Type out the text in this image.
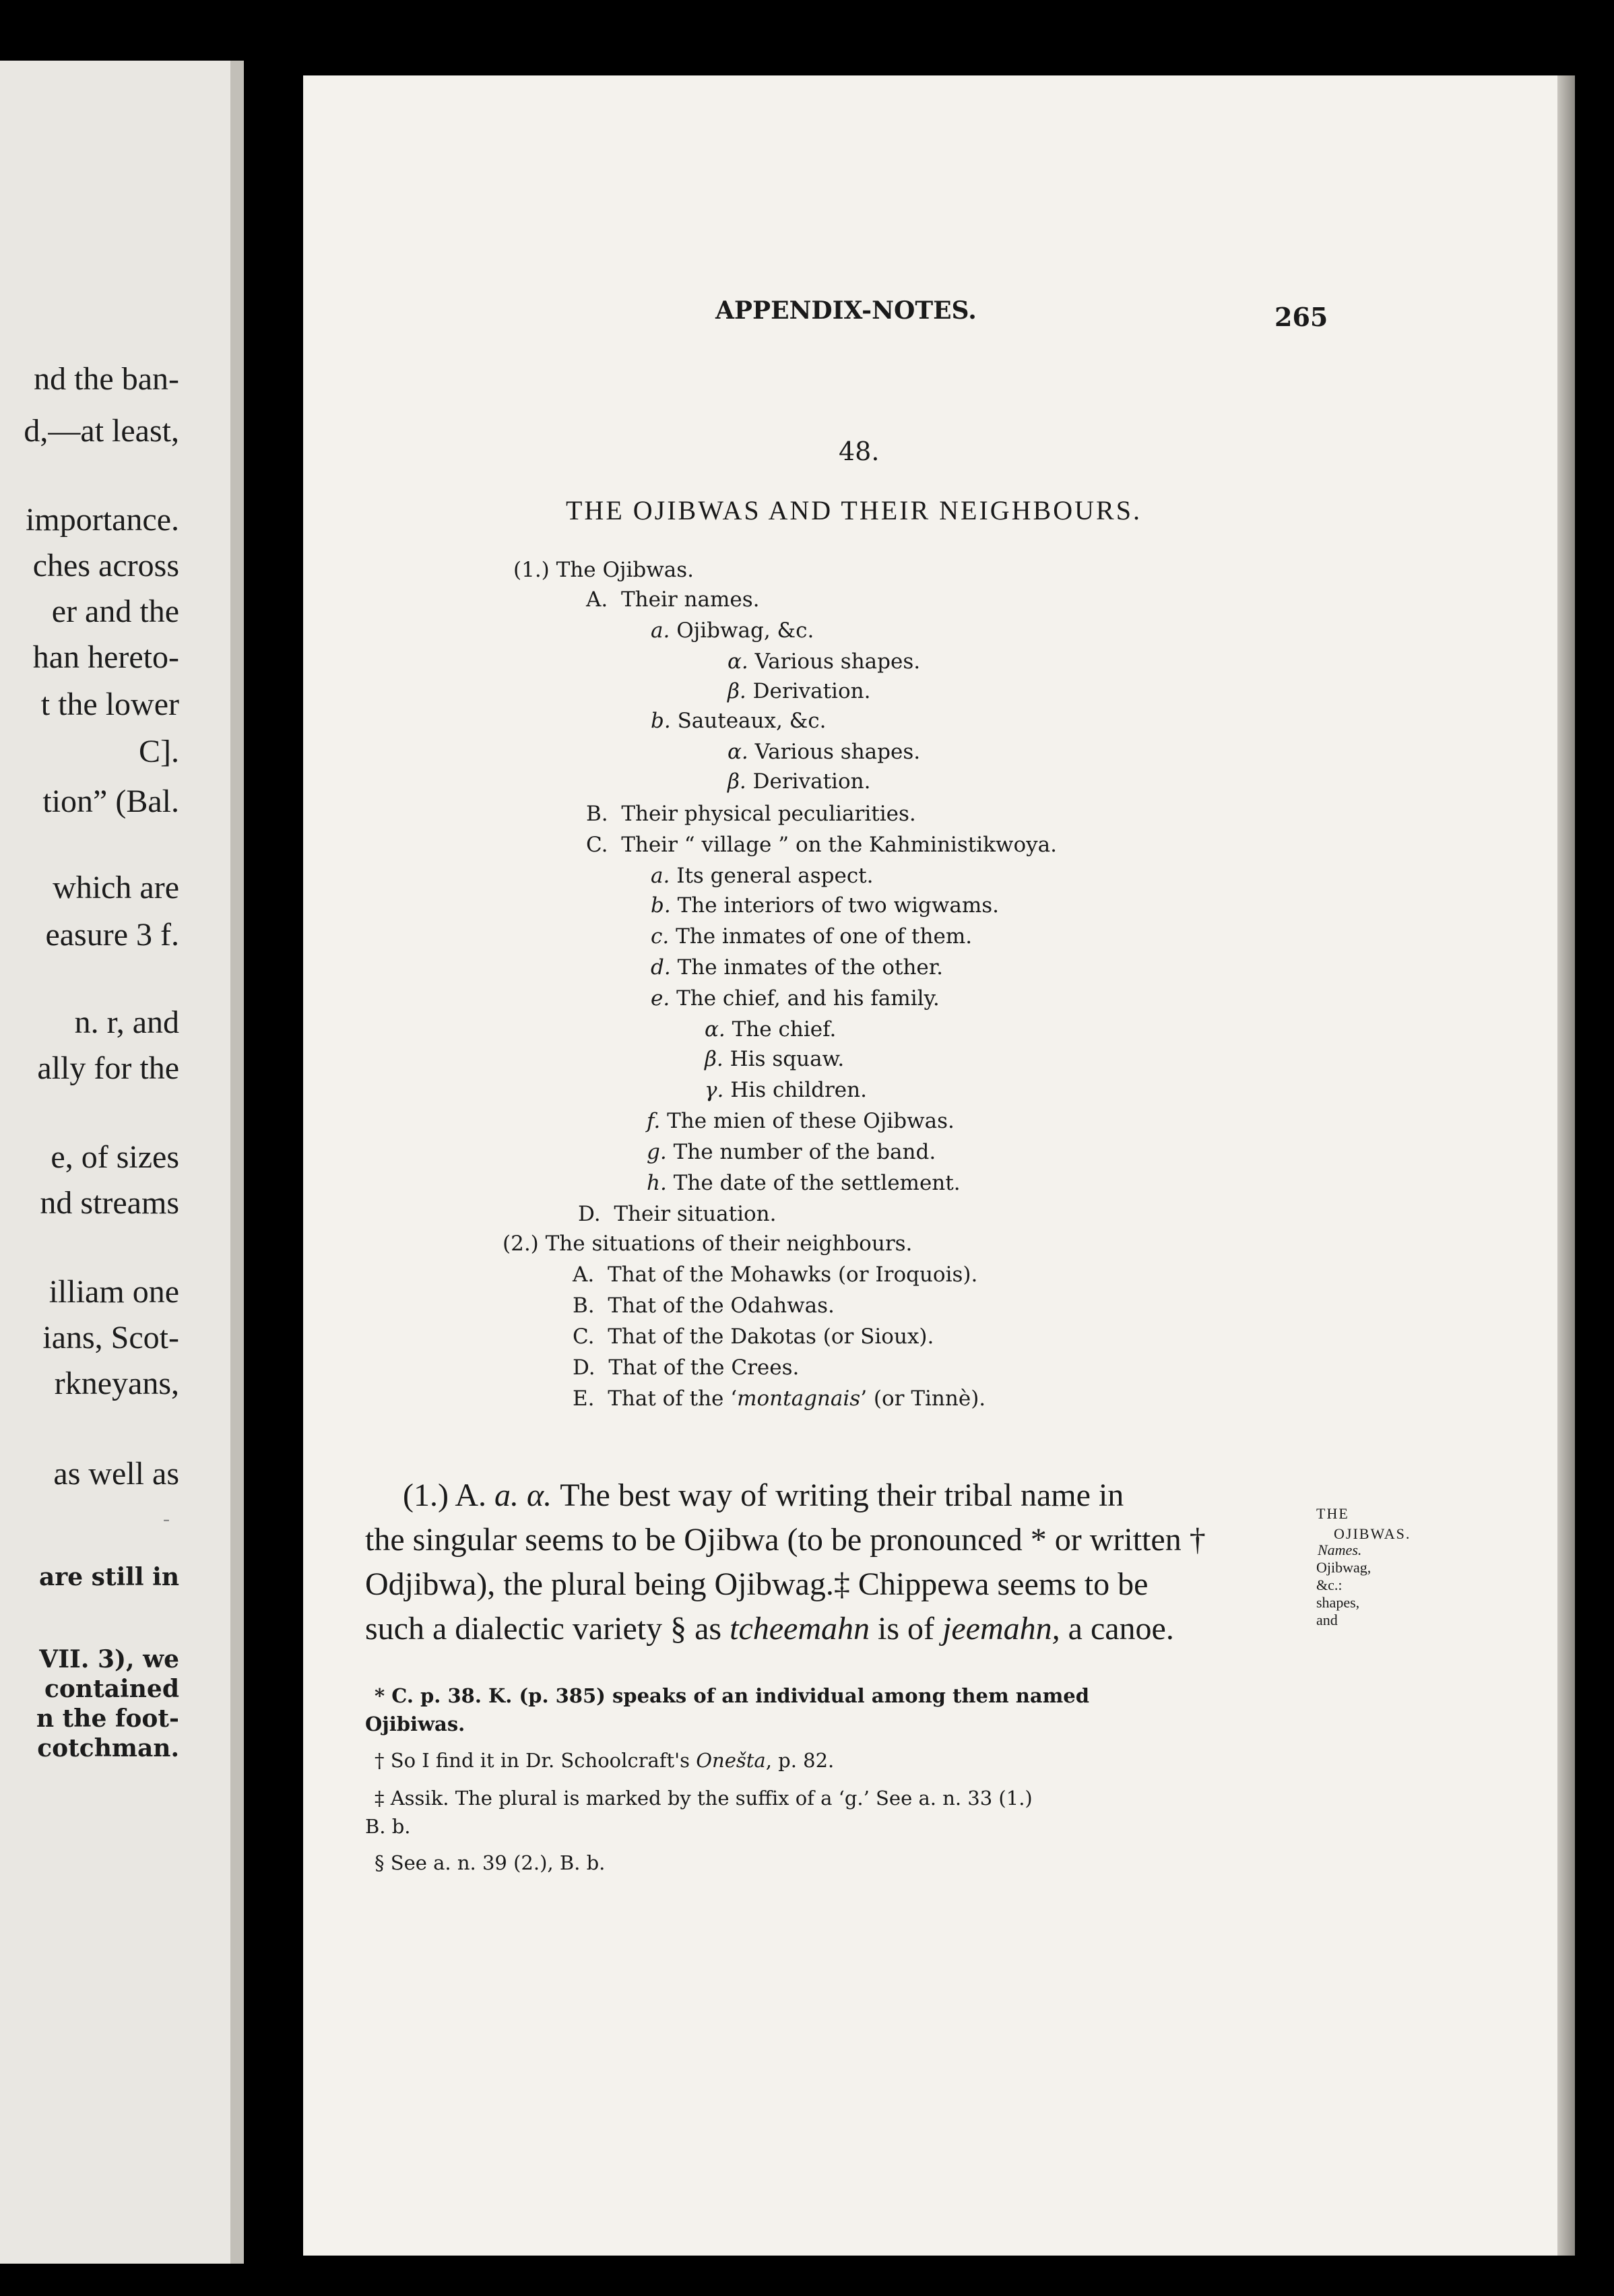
nd the ban-
d,—at least,
importance.
ches across
er and the
han hereto-
t the lower
C].
tion” (Bal.
which are
easure 3 f.
n. r, and
ally for the
e, of sizes
nd streams
illiam one
ians, Scot-
rkneyans,
as well as
-
are still in
VII. 3), we
contained
n the foot-
cotchman.
APPENDIX-NOTES.	265
48.
THE OJIBWAS AND THEIR NEIGHBOURS.
(1.) The Ojibwas.
A. Their names.
a. Ojibwag, &c.
α. Various shapes.
β. Derivation.
b. Sauteaux, &c.
α. Various shapes.
β. Derivation.
B. Their physical peculiarities.
C. Their “ village ” on the Kahministikwoya.
a. Its general aspect.
b. The interiors of two wigwams.
c. The inmates of one of them.
d. The inmates of the other.
e. The chief, and his family.
α. The chief.
β. His squaw.
γ. His children.
f. The mien of these Ojibwas.
g. The number of the band.
h. The date of the settlement.
D. Their situation.
(2.) The situations of their neighbours.
A. That of the Mohawks (or Iroquois).
B. That of the Odahwas.
C. That of the Dakotas (or Sioux).
D. That of the Crees.
E. That of the ‘montagnais’ (or Tinnè).
(1.) A. a. α. The best way of writing their tribal name in
the singular seems to be Ojibwa (to be pronounced * or written †
Odjibwa), the plural being Ojibwag.‡ Chippewa seems to be
such a dialectic variety § as tcheemahn is of jeemahn, a canoe.
THE
OJIBWAS.
Names.
Ojibwag,
&c.:
shapes,
and
* C. p. 38. K. (p. 385) speaks of an individual among them named
Ojibiwas.
† So I find it in Dr. Schoolcraft's Onešta, p. 82.
‡ Assik. The plural is marked by the suffix of a ‘g.’ See a. n. 33 (1.)
B. b.
§ See a. n. 39 (2.), B. b.
